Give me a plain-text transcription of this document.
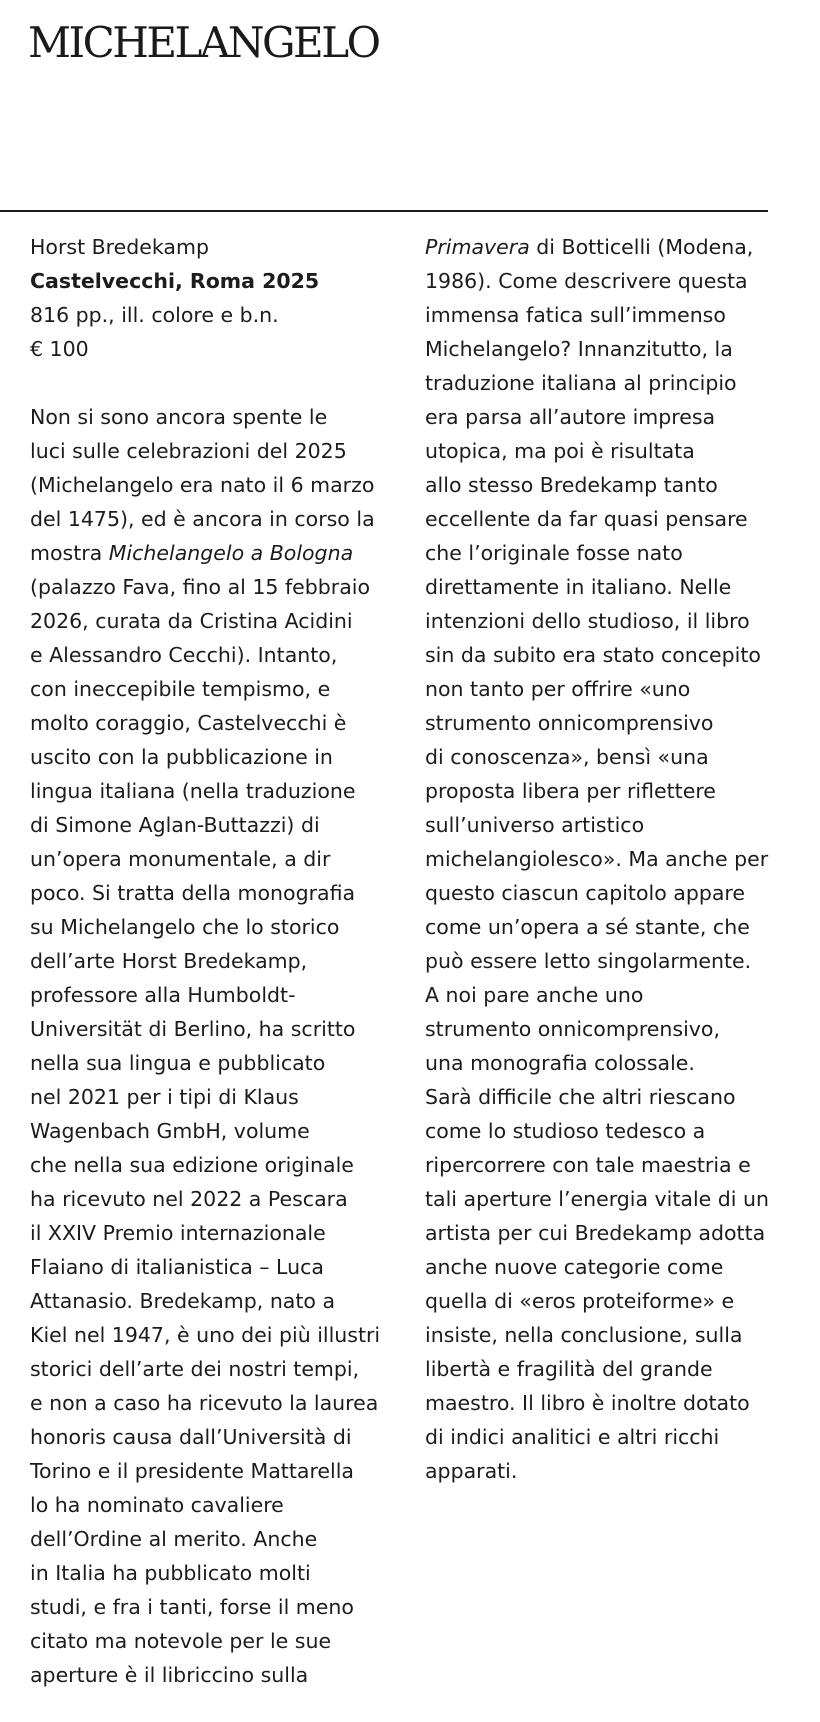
MICHELANGELO
Horst Bredekamp
Castelvecchi, Roma 2025
816 pp., ill. colore e b.n.
€ 100
Non si sono ancora spente le
luci sulle celebrazioni del 2025
(Michelangelo era nato il 6 marzo
del 1475), ed è ancora in corso la
mostra Michelangelo a Bologna
(palazzo Fava, fino al 15 febbraio
2026, curata da Cristina Acidini
e Alessandro Cecchi). Intanto,
con ineccepibile tempismo, e
molto coraggio, Castelvecchi è
uscito con la pubblicazione in
lingua italiana (nella traduzione
di Simone Aglan-Buttazzi) di
un’opera monumentale, a dir
poco. Si tratta della monografia
su Michelangelo che lo storico
dell’arte Horst Bredekamp,
professore alla Humboldt-
Universität di Berlino, ha scritto
nella sua lingua e pubblicato
nel 2021 per i tipi di Klaus
Wagenbach GmbH, volume
che nella sua edizione originale
ha ricevuto nel 2022 a Pescara
il XXIV Premio internazionale
Flaiano di italianistica – Luca
Attanasio. Bredekamp, nato a
Kiel nel 1947, è uno dei più illustri
storici dell’arte dei nostri tempi,
e non a caso ha ricevuto la laurea
honoris causa dall’Università di
Torino e il presidente Mattarella
lo ha nominato cavaliere
dell’Ordine al merito. Anche
in Italia ha pubblicato molti
studi, e fra i tanti, forse il meno
citato ma notevole per le sue
aperture è il libriccino sulla
Primavera di Botticelli (Modena,
1986). Come descrivere questa
immensa fatica sull’immenso
Michelangelo? Innanzitutto, la
traduzione italiana al principio
era parsa all’autore impresa
utopica, ma poi è risultata
allo stesso Bredekamp tanto
eccellente da far quasi pensare
che l’originale fosse nato
direttamente in italiano. Nelle
intenzioni dello studioso, il libro
sin da subito era stato concepito
non tanto per offrire «uno
strumento onnicomprensivo
di conoscenza», bensì «una
proposta libera per riflettere
sull’universo artistico
michelangiolesco». Ma anche per
questo ciascun capitolo appare
come un’opera a sé stante, che
può essere letto singolarmente.
A noi pare anche uno
strumento onnicomprensivo,
una monografia colossale.
Sarà difficile che altri riescano
come lo studioso tedesco a
ripercorrere con tale maestria e
tali aperture l’energia vitale di un
artista per cui Bredekamp adotta
anche nuove categorie come
quella di «eros proteiforme» e
insiste, nella conclusione, sulla
libertà e fragilità del grande
maestro. Il libro è inoltre dotato
di indici analitici e altri ricchi
apparati.
